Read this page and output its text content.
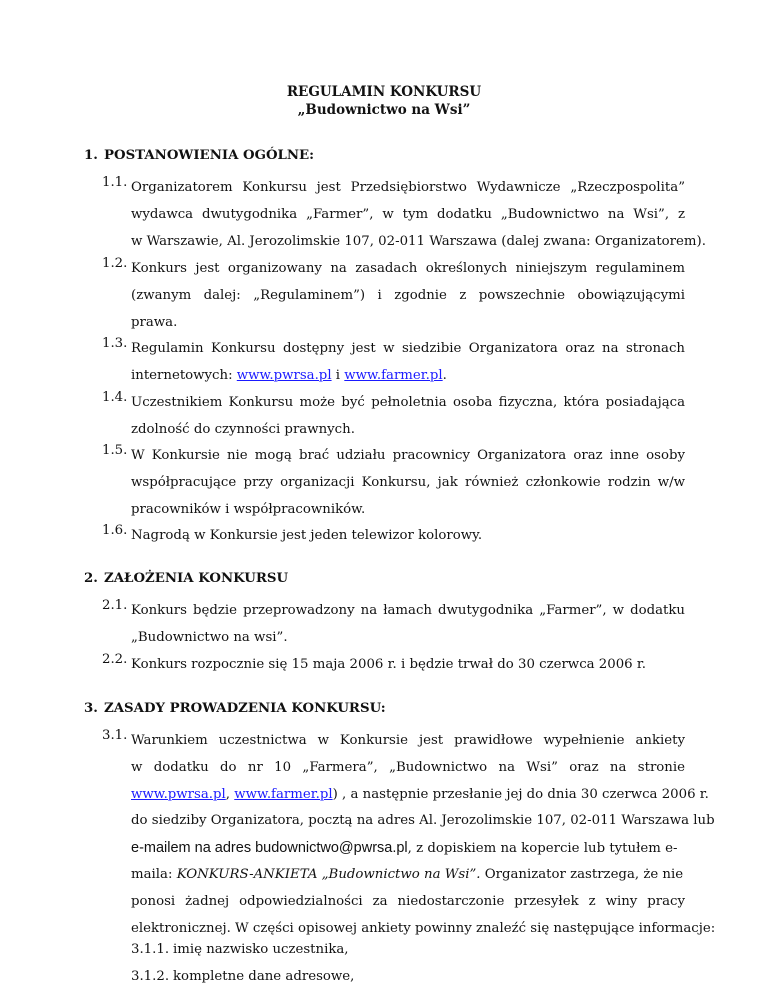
REGULAMIN KONKURSU
„Budownictwo na Wsi”
1. POSTANOWIENIA OGÓLNE:
1.1. Organizatorem Konkursu jest Przedsiębiorstwo Wydawnicze „Rzeczpospolita”
wydawca dwutygodnika „Farmer”, w tym dodatku „Budownictwo na Wsi”, z
w Warszawie, Al. Jerozolimskie 107, 02-011 Warszawa (dalej zwana: Organizatorem).
1.2. Konkurs jest organizowany na zasadach określonych niniejszym regulaminem
(zwanym dalej: „Regulaminem”) i zgodnie z powszechnie obowiązującymi
prawa.
1.3. Regulamin Konkursu dostępny jest w siedzibie Organizatora oraz na stronach
internetowych: www.pwrsa.pl i www.farmer.pl.
1.4. Uczestnikiem Konkursu może być pełnoletnia osoba fizyczna, która posiadająca
zdolność do czynności prawnych.
1.5. W Konkursie nie mogą brać udziału pracownicy Organizatora oraz inne osoby
współpracujące przy organizacji Konkursu, jak również członkowie rodzin w/w
pracowników i współpracowników.
1.6. Nagrodą w Konkursie jest jeden telewizor kolorowy.
2. ZAŁOŻENIA KONKURSU
2.1. Konkurs będzie przeprowadzony na łamach dwutygodnika „Farmer”, w dodatku
„Budownictwo na wsi”.
2.2. Konkurs rozpocznie się 15 maja 2006 r. i będzie trwał do 30 czerwca 2006 r.
3. ZASADY PROWADZENIA KONKURSU:
3.1. Warunkiem uczestnictwa w Konkursie jest prawidłowe wypełnienie ankiety
w dodatku do nr 10 „Farmera”, „Budownictwo na Wsi” oraz na stronie
www.pwrsa.pl, www.farmer.pl) , a następnie przesłanie jej do dnia 30 czerwca 2006 r.
do siedziby Organizatora, pocztą na adres Al. Jerozolimskie 107, 02-011 Warszawa lub
e-mailem na adres budownictwo@pwrsa.pl, z dopiskiem na kopercie lub tytułem e-
maila: KONKURS-ANKIETA „Budownictwo na Wsi”. Organizator zastrzega, że nie
ponosi żadnej odpowiedzialności za niedostarczonie przesyłek z winy pracy
elektronicznej. W części opisowej ankiety powinny znaleźć się następujące informacje:
3.1.1. imię nazwisko uczestnika,
3.1.2. kompletne dane adresowe,
